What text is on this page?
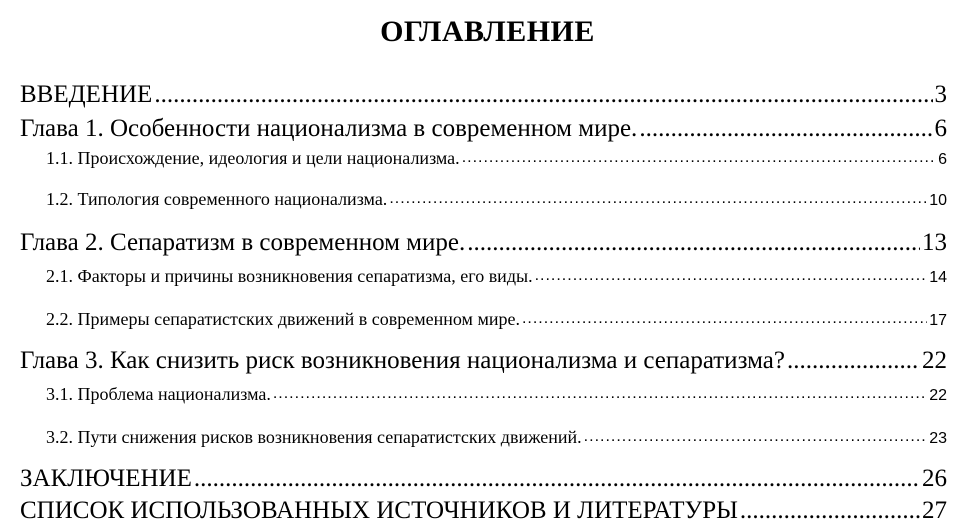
ОГЛАВЛЕНИЕ
ВВЕДЕНИЕ .....	3
Глава 1. Особенности национализма в современном мире. .....	6
1.1. Происхождение, идеология и цели национализма. .....	6
1.2. Типология современного национализма. .....	10
Глава 2. Сепаратизм в современном мире. .....	13
2.1. Факторы и причины возникновения сепаратизма, его виды. .....	14
2.2. Примеры сепаратистских движений в современном мире. .....	17
Глава 3. Как снизить риск возникновения национализма и сепаратизма? .....	22
3.1. Проблема национализма. .....	22
3.2. Пути снижения рисков возникновения сепаратистских движений. .....	23
ЗАКЛЮЧЕНИЕ .....	26
СПИСОК ИСПОЛЬЗОВАННЫХ ИСТОЧНИКОВ И ЛИТЕРАТУРЫ .....	27
